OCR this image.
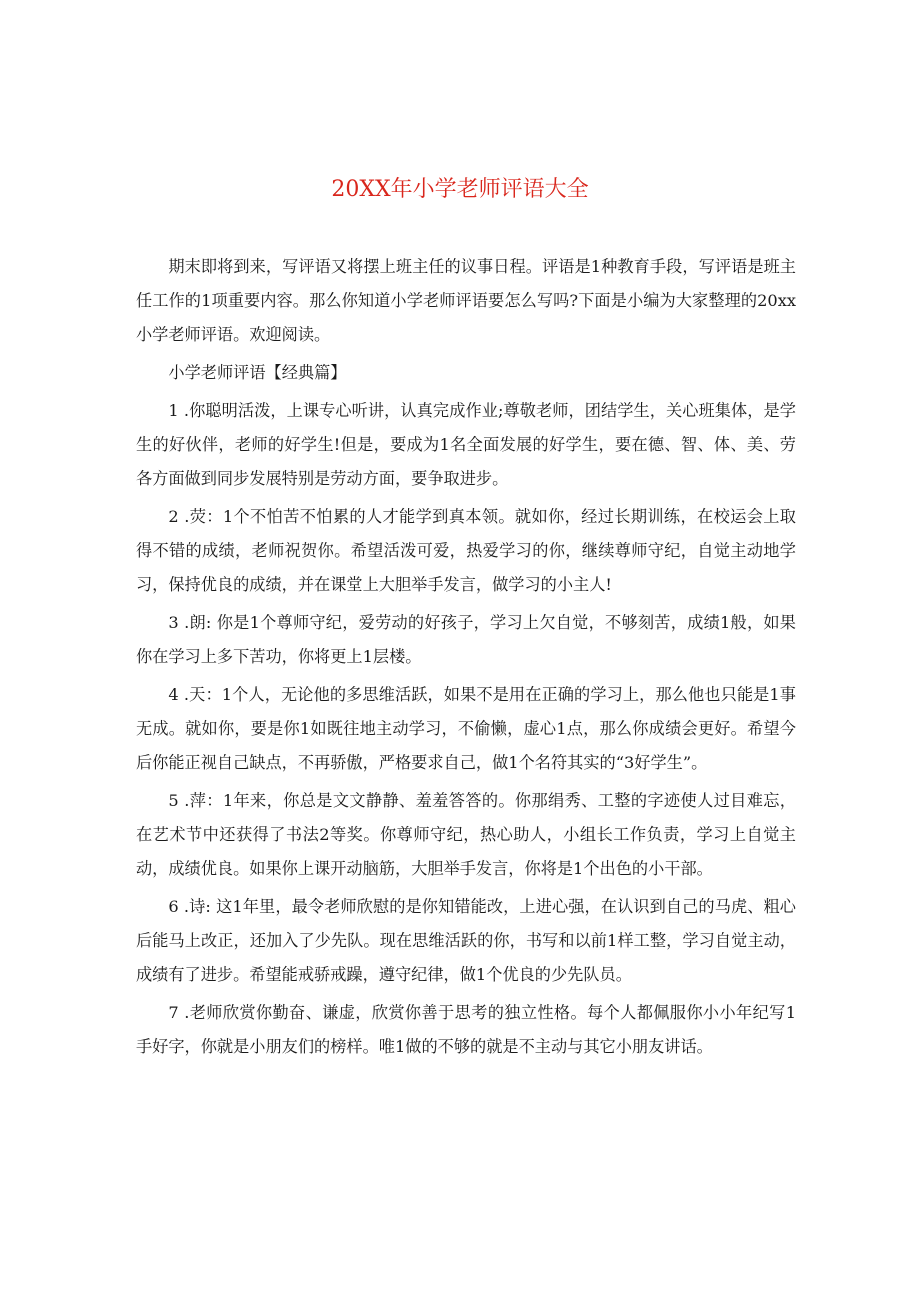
20XX年小学老师评语大全

期末即将到来，写评语又将摆上班主任的议事日程。评语是1种教育手段，写评语是班主任工作的1项重要内容。那么你知道小学老师评语要怎么写吗?下面是小编为大家整理的20xx小学老师评语。欢迎阅读。

小学老师评语【经典篇】

1 .你聪明活泼，上课专心听讲，认真完成作业;尊敬老师，团结学生，关心班集体，是学生的好伙伴，老师的好学生!但是，要成为1名全面发展的好学生，要在德、智、体、美、劳各方面做到同步发展特别是劳动方面，要争取进步。

2 .荧：1个不怕苦不怕累的人才能学到真本领。就如你，经过长期训练，在校运会上取得不错的成绩，老师祝贺你。希望活泼可爱，热爱学习的你，继续尊师守纪，自觉主动地学习，保持优良的成绩，并在课堂上大胆举手发言，做学习的小主人!

3 .朗: 你是1个尊师守纪，爱劳动的好孩子，学习上欠自觉，不够刻苦，成绩1般，如果你在学习上多下苦功，你将更上1层楼。

4 .天：1个人，无论他的多思维活跃，如果不是用在正确的学习上，那么他也只能是1事无成。就如你，要是你1如既往地主动学习，不偷懒，虚心1点，那么你成绩会更好。希望今后你能正视自己缺点，不再骄傲，严格要求自己，做1个名符其实的“3好学生”。

5 .萍：1年来，你总是文文静静、羞羞答答的。你那绢秀、工整的字迹使人过目难忘，在艺术节中还获得了书法2等奖。你尊师守纪，热心助人，小组长工作负责，学习上自觉主动，成绩优良。如果你上课开动脑筋，大胆举手发言，你将是1个出色的小干部。

6 .诗: 这1年里，最令老师欣慰的是你知错能改，上进心强，在认识到自己的马虎、粗心后能马上改正，还加入了少先队。现在思维活跃的你，书写和以前1样工整，学习自觉主动，成绩有了进步。希望能戒骄戒躁，遵守纪律，做1个优良的少先队员。

7 .老师欣赏你勤奋、谦虚，欣赏你善于思考的独立性格。每个人都佩服你小小年纪写1手好字，你就是小朋友们的榜样。唯1做的不够的就是不主动与其它小朋友讲话。
